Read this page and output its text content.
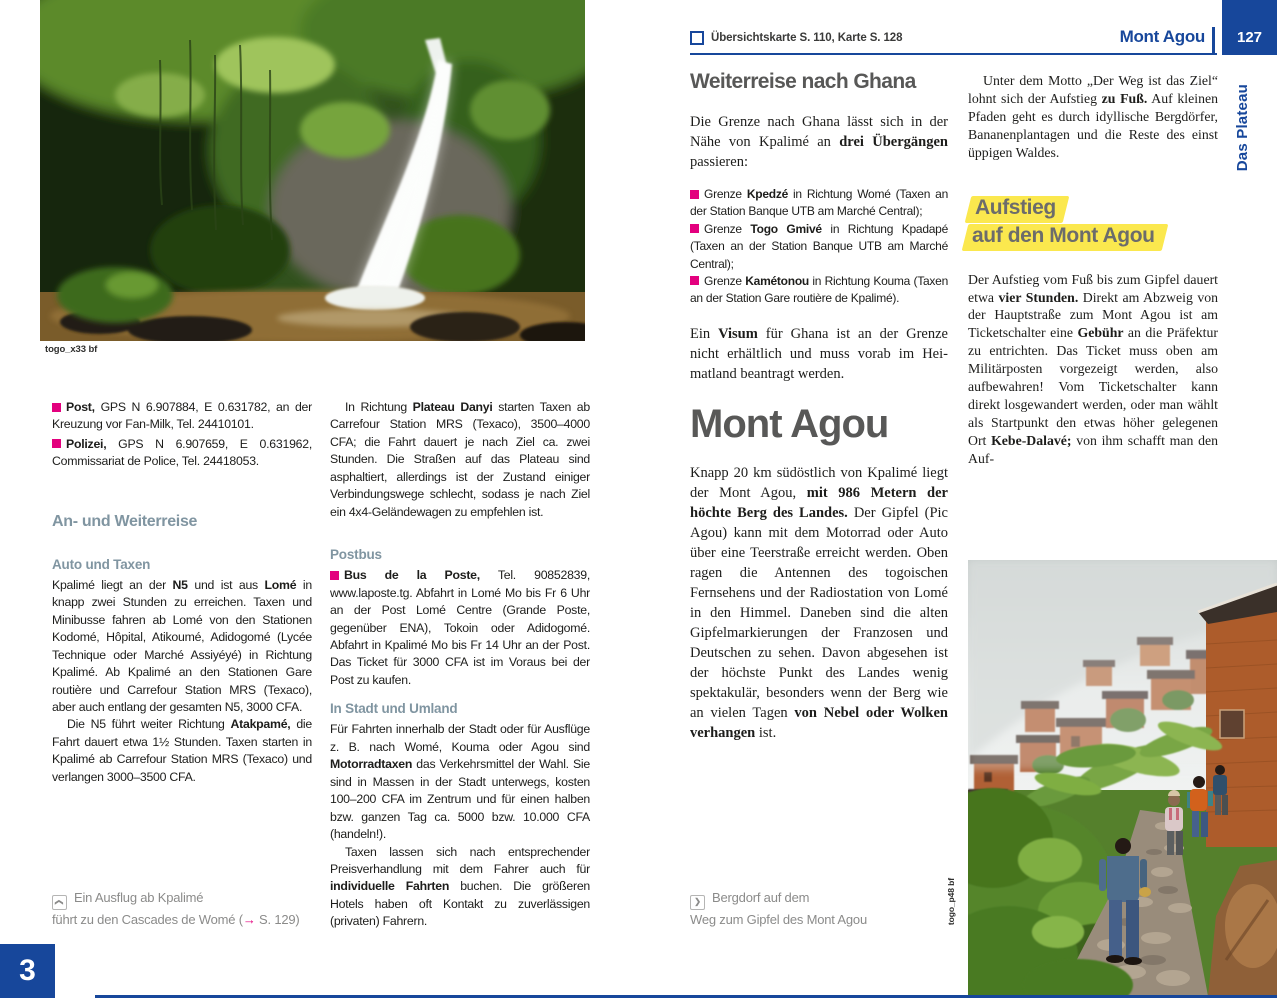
Übersichtskarte S. 110, Karte S. 128	Mont Agou	127
Das Plateau
togo_x33 bf

Post, GPS N 6.907884, E 0.631782, an der Kreuzung vor Fan-Milk, Tel. 24410101.

Polizei, GPS N 6.907659, E 0.631962, Commissariat de Police, Tel. 24418053.

An- und Weiterreise
Auto und Taxen

Kpalimé liegt an der N5 und ist aus Lomé in knapp zwei Stunden zu erreichen. Taxen und Minibusse fahren ab Lomé von den Stationen Kodomé, Hôpital, Atikoumé, Adidogomé (Lycée Technique oder Marché Assiyéyé) in Richtung Kpalimé. Ab Kpalimé an den Stationen Gare routière und Carrefour Station MRS (Texaco), aber auch entlang der gesamten N5, 3000 CFA.

Die N5 führt weiter Richtung Atakpamé, die Fahrt dauert etwa 1½ Stunden. Taxen starten in Kpalimé ab Carrefour Station MRS (Texaco) und verlangen 3000–3500 CFA.

In Richtung Plateau Danyi starten Taxen ab Carrefour Station MRS (Texaco), 3500–4000 CFA; die Fahrt dauert je nach Ziel ca. zwei Stunden. Die Straßen auf das Plateau sind asphaltiert, allerdings ist der Zustand einiger Verbindungswege schlecht, sodass je nach Ziel ein 4x4-Geländewagen zu empfehlen ist.

Postbus

Bus de la Poste, Tel. 90852839, www.laposte.tg. Abfahrt in Lomé Mo bis Fr 6 Uhr an der Post Lomé Centre (Grande Poste, gegenüber ENA), Tokoin oder Adidogomé. Abfahrt in Kpalimé Mo bis Fr 14 Uhr an der Post. Das Ticket für 3000 CFA ist im Voraus bei der Post zu kaufen.

In Stadt und Umland

Für Fahrten innerhalb der Stadt oder für Ausflüge z. B. nach Womé, Kouma oder Agou sind Motorradtaxen das Verkehrsmittel der Wahl. Sie sind in Massen in der Stadt unterwegs, kosten 100–200 CFA im Zentrum und für einen halben bzw. ganzen Tag ca. 5000 bzw. 10.000 CFA (handeln!).

Taxen lassen sich nach entsprechender Preisverhandlung mit dem Fahrer auch für individuelle Fahrten buchen. Die größeren Hotels haben oft Kontakt zu zuverlässigen (privaten) Fahrern.

Weiterreise nach Ghana

Die Grenze nach Ghana lässt sich in der Nähe von Kpalimé an drei Übergängen passieren:

Grenze Kpedzé in Richtung Womé (Taxen an der Station Banque UTB am Marché Central);
Grenze Togo Gmivé in Richtung Kpadapé (Taxen an der Station Banque UTB am Marché Central);
Grenze Kamétonou in Richtung Kouma (Taxen an der Station Gare routière de Kpalimé).

Ein Visum für Ghana ist an der Grenze nicht erhältlich und muss vorab im Heimatland beantragt werden.

Mont Agou

Knapp 20 km südöstlich von Kpalimé liegt der Mont Agou, mit 986 Metern der höchte Berg des Landes. Der Gipfel (Pic Agou) kann mit dem Motorrad oder Auto über eine Teerstraße erreicht werden. Oben ragen die Antennen des togoischen Fernsehens und der Radiostation von Lomé in den Himmel. Daneben sind die alten Gipfelmarkierungen der Franzosen und Deutschen zu sehen. Davon abgesehen ist der höchste Punkt des Landes wenig spektakulär, besonders wenn der Berg wie an vielen Tagen von Nebel oder Wolken verhangen ist.

Unter dem Motto „Der Weg ist das Ziel“ lohnt sich der Aufstieg zu Fuß. Auf kleinen Pfaden geht es durch idyllische Bergdörfer, Bananenplantagen und die Reste des einst üppigen Waldes.

Aufstieg
auf den Mont Agou

Der Aufstieg vom Fuß bis zum Gipfel dauert etwa vier Stunden. Direkt am Abzweig von der Hauptstraße zum Mont Agou ist am Ticketschalter eine Gebühr an die Präfektur zu entrichten. Das Ticket muss oben am Militärposten vorgezeigt werden, also aufbewahren! Vom Ticketschalter kann direkt losgewandert werden, oder man wählt als Startpunkt den etwas höher gelegenen Ort Kebe-Dalavé; von ihm schafft man den Auf-

togo_p48 bf
❯ Ein Ausflug ab Kpalimé
führt zu den Cascades de Womé (→ S. 129)
❯ Bergdorf auf dem
Weg zum Gipfel des Mont Agou
3
